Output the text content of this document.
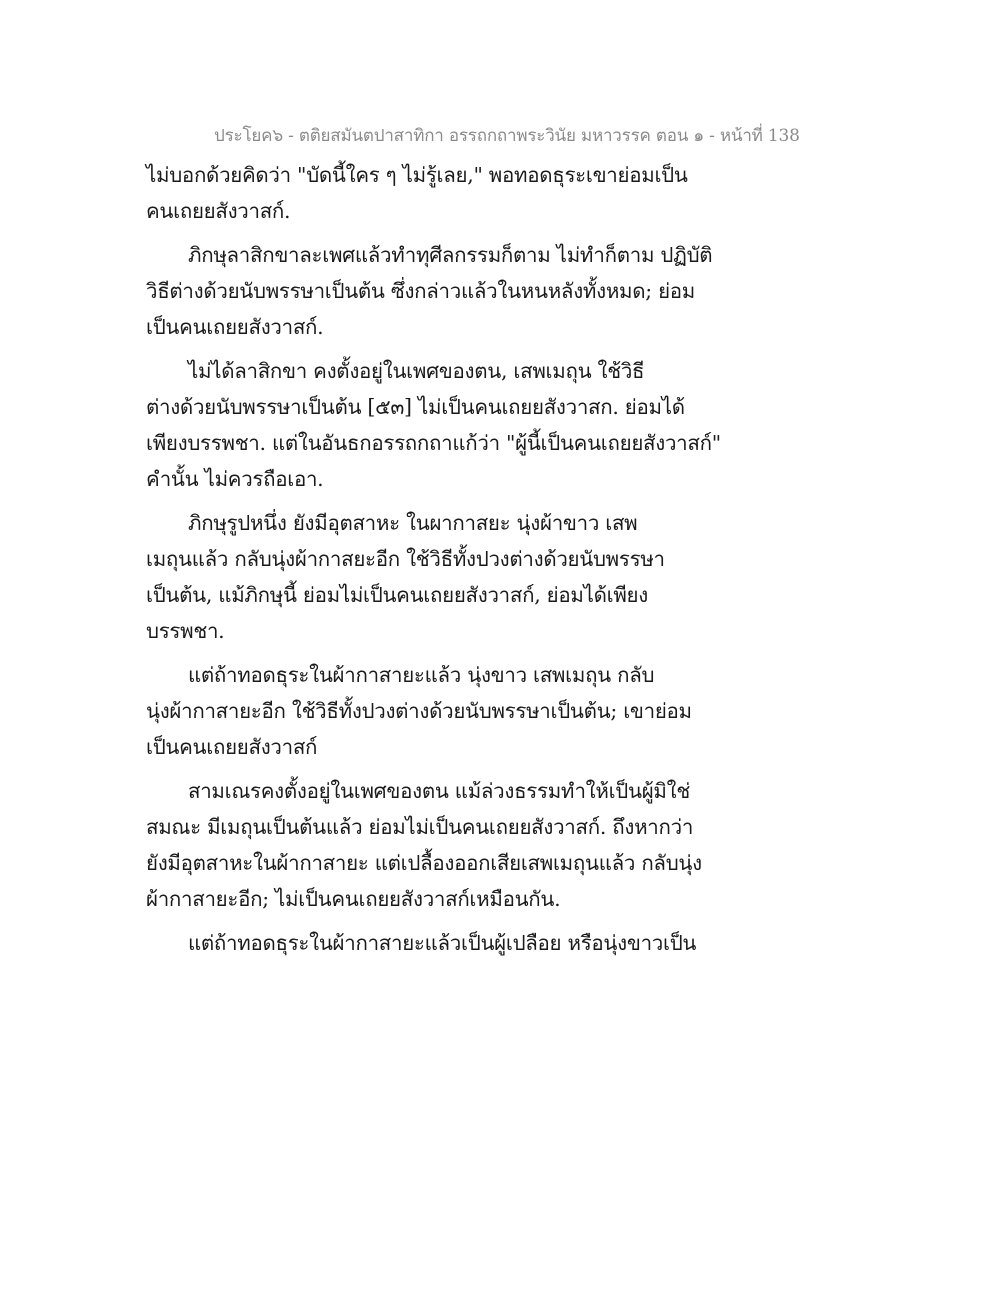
ประโยค๖ - ตติยสมันตปาสาทิกา อรรถกถาพระวินัย มหาวรรค ตอน ๑ - หน้าที่ 138
ไม่บอกด้วยคิดว่า "บัดนี้ใคร ๆ ไม่รู้เลย," พอทอดธุระเขาย่อมเป็น
คนเถยยสังวาสก์.
ภิกษุลาสิกขาละเพศแล้วทำทุศีลกรรมก็ตาม ไม่ทำก็ตาม ปฏิบัติ
วิธีต่างด้วยนับพรรษาเป็นต้น ซึ่งกล่าวแล้วในหนหลังทั้งหมด; ย่อม
เป็นคนเถยยสังวาสก์.
ไม่ได้ลาสิกขา คงตั้งอยู่ในเพศของตน, เสพเมถุน ใช้วิธี
ต่างด้วยนับพรรษาเป็นต้น [๕๓] ไม่เป็นคนเถยยสังวาสก. ย่อมได้
เพียงบรรพชา. แต่ในอันธกอรรถกถาแก้ว่า "ผู้นี้เป็นคนเถยยสังวาสก์"
คำนั้น ไม่ควรถือเอา.
ภิกษุรูปหนึ่ง ยังมีอุตสาหะ ในผากาสยะ นุ่งผ้าขาว เสพ
เมถุนแล้ว กลับนุ่งผ้ากาสยะอีก ใช้วิธีทั้งปวงต่างด้วยนับพรรษา
เป็นต้น, แม้ภิกษุนี้ ย่อมไม่เป็นคนเถยยสังวาสก์, ย่อมได้เพียง
บรรพชา.
แต่ถ้าทอดธุระในผ้ากาสายะแล้ว นุ่งขาว เสพเมถุน กลับ
นุ่งผ้ากาสายะอีก ใช้วิธีทั้งปวงต่างด้วยนับพรรษาเป็นต้น; เขาย่อม
เป็นคนเถยยสังวาสก์
สามเณรคงตั้งอยู่ในเพศของตน แม้ล่วงธรรมทำให้เป็นผู้มิใช่
สมณะ มีเมถุนเป็นต้นแล้ว ย่อมไม่เป็นคนเถยยสังวาสก์. ถึงหากว่า
ยังมีอุตสาหะในผ้ากาสายะ แต่เปลื้องออกเสียเสพเมถุนแล้ว กลับนุ่ง
ผ้ากาสายะอีก; ไม่เป็นคนเถยยสังวาสก์เหมือนกัน.
แต่ถ้าทอดธุระในผ้ากาสายะแล้วเป็นผู้เปลือย หรือนุ่งขาวเป็น
